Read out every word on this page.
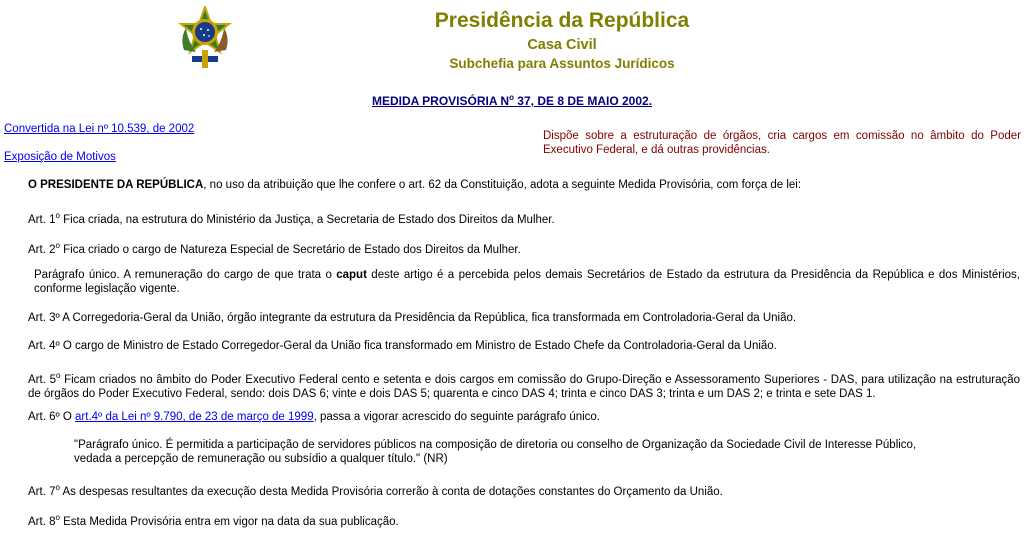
Presidência da República
Casa Civil
Subchefia para Assuntos Jurídicos
MEDIDA PROVISÓRIA N$^o$ 37, DE 8 DE MAIO 2002.
Convertida na Lei nº 10.539, de 2002
Exposição de Motivos
Dispõe sobre a estruturação de órgãos, cria cargos em comissão no âmbito do Poder Executivo Federal, e dá outras providências.
O PRESIDENTE DA REPÚBLICA, no uso da atribuição que lhe confere o art. 62 da Constituição, adota a seguinte Medida Provisória, com força de lei:
Art. 1$^o$ Fica criada, na estrutura do Ministério da Justiça, a Secretaria de Estado dos Direitos da Mulher.
Art. 2$^o$ Fica criado o cargo de Natureza Especial de Secretário de Estado dos Direitos da Mulher.
Parágrafo único. A remuneração do cargo de que trata o caput deste artigo é a percebida pelos demais Secretários de Estado da estrutura da Presidência da República e dos Ministérios, conforme legislação vigente.
Art. 3º A Corregedoria-Geral da União, órgão integrante da estrutura da Presidência da República, fica transformada em Controladoria-Geral da União.
Art. 4º O cargo de Ministro de Estado Corregedor-Geral da União fica transformado em Ministro de Estado Chefe da Controladoria-Geral da União.
Art. 5$^o$ Ficam criados no âmbito do Poder Executivo Federal cento e setenta e dois cargos em comissão do Grupo-Direção e Assessoramento Superiores - DAS, para utilização na estruturação de órgãos do Poder Executivo Federal, sendo: dois DAS 6; vinte e dois DAS 5; quarenta e cinco DAS 4; trinta e cinco DAS 3; trinta e um DAS 2; e trinta e sete DAS 1.
Art. 6º O art.4º da Lei nº 9.790, de 23 de março de 1999, passa a vigorar acrescido do seguinte parágrafo único.
"Parágrafo único. É permitida a participação de servidores públicos na composição de diretoria ou conselho de Organização da Sociedade Civil de Interesse Público,
vedada a percepção de remuneração ou subsídio a qualquer título." (NR)
Art. 7$^o$ As despesas resultantes da execução desta Medida Provisória correrão à conta de dotações constantes do Orçamento da União.
Art. 8$^o$ Esta Medida Provisória entra em vigor na data da sua publicação.
